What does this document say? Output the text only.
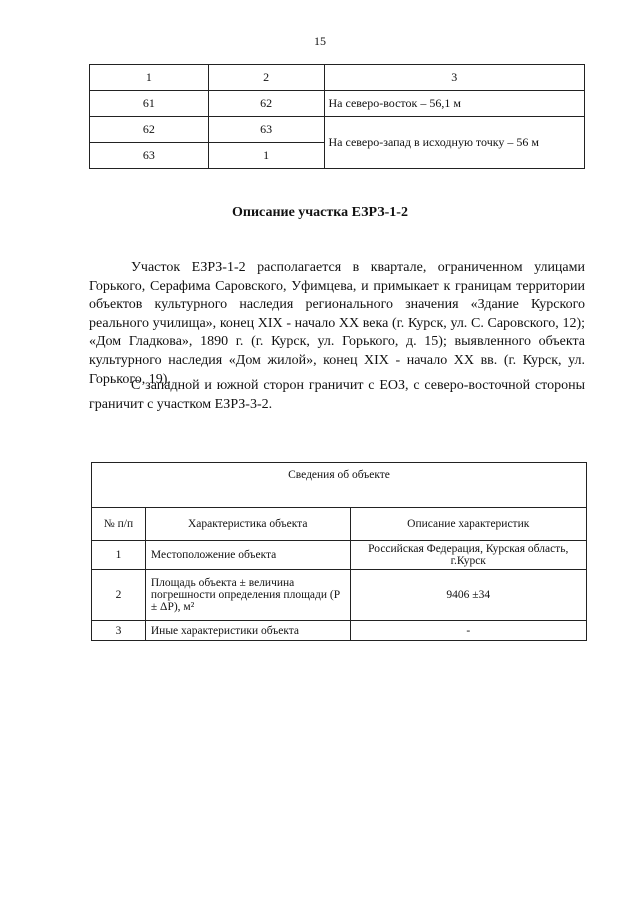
15
1	2	3
61	62	На северо-восток – 56,1 м
62	63	На северо-запад в исходную точку – 56 м
63	1	
Описание участка ЕЗРЗ-1-2

Участок ЕЗРЗ-1-2 располагается в квартале, ограниченном улицами Горького, Серафима Саровского, Уфимцева, и примыкает к границам территории объектов культурного наследия регионального значения «Здание Курского реального училища», конец XIX - начало XX века (г. Курск, ул. С. Саровского, 12); «Дом Гладкова», 1890 г. (г. Курск, ул. Горького, д. 15); выявленного объекта культурного наследия «Дом жилой», конец XIX - начало XX вв. (г. Курск, ул. Горького, 19).

С западной и южной сторон граничит с ЕОЗ, с северо-восточной стороны граничит с участком ЕЗРЗ-3-2.

Сведения об объекте		
№ п/п	Характеристика объекта	Описание характеристик
1	Местоположение объекта	Российская Федерация, Курская область, г.Курск
2	Площадь объекта ± величина погрешности определения площади (P ± ΔP), м²	9406 ±34
3	Иные характеристики объекта	-
